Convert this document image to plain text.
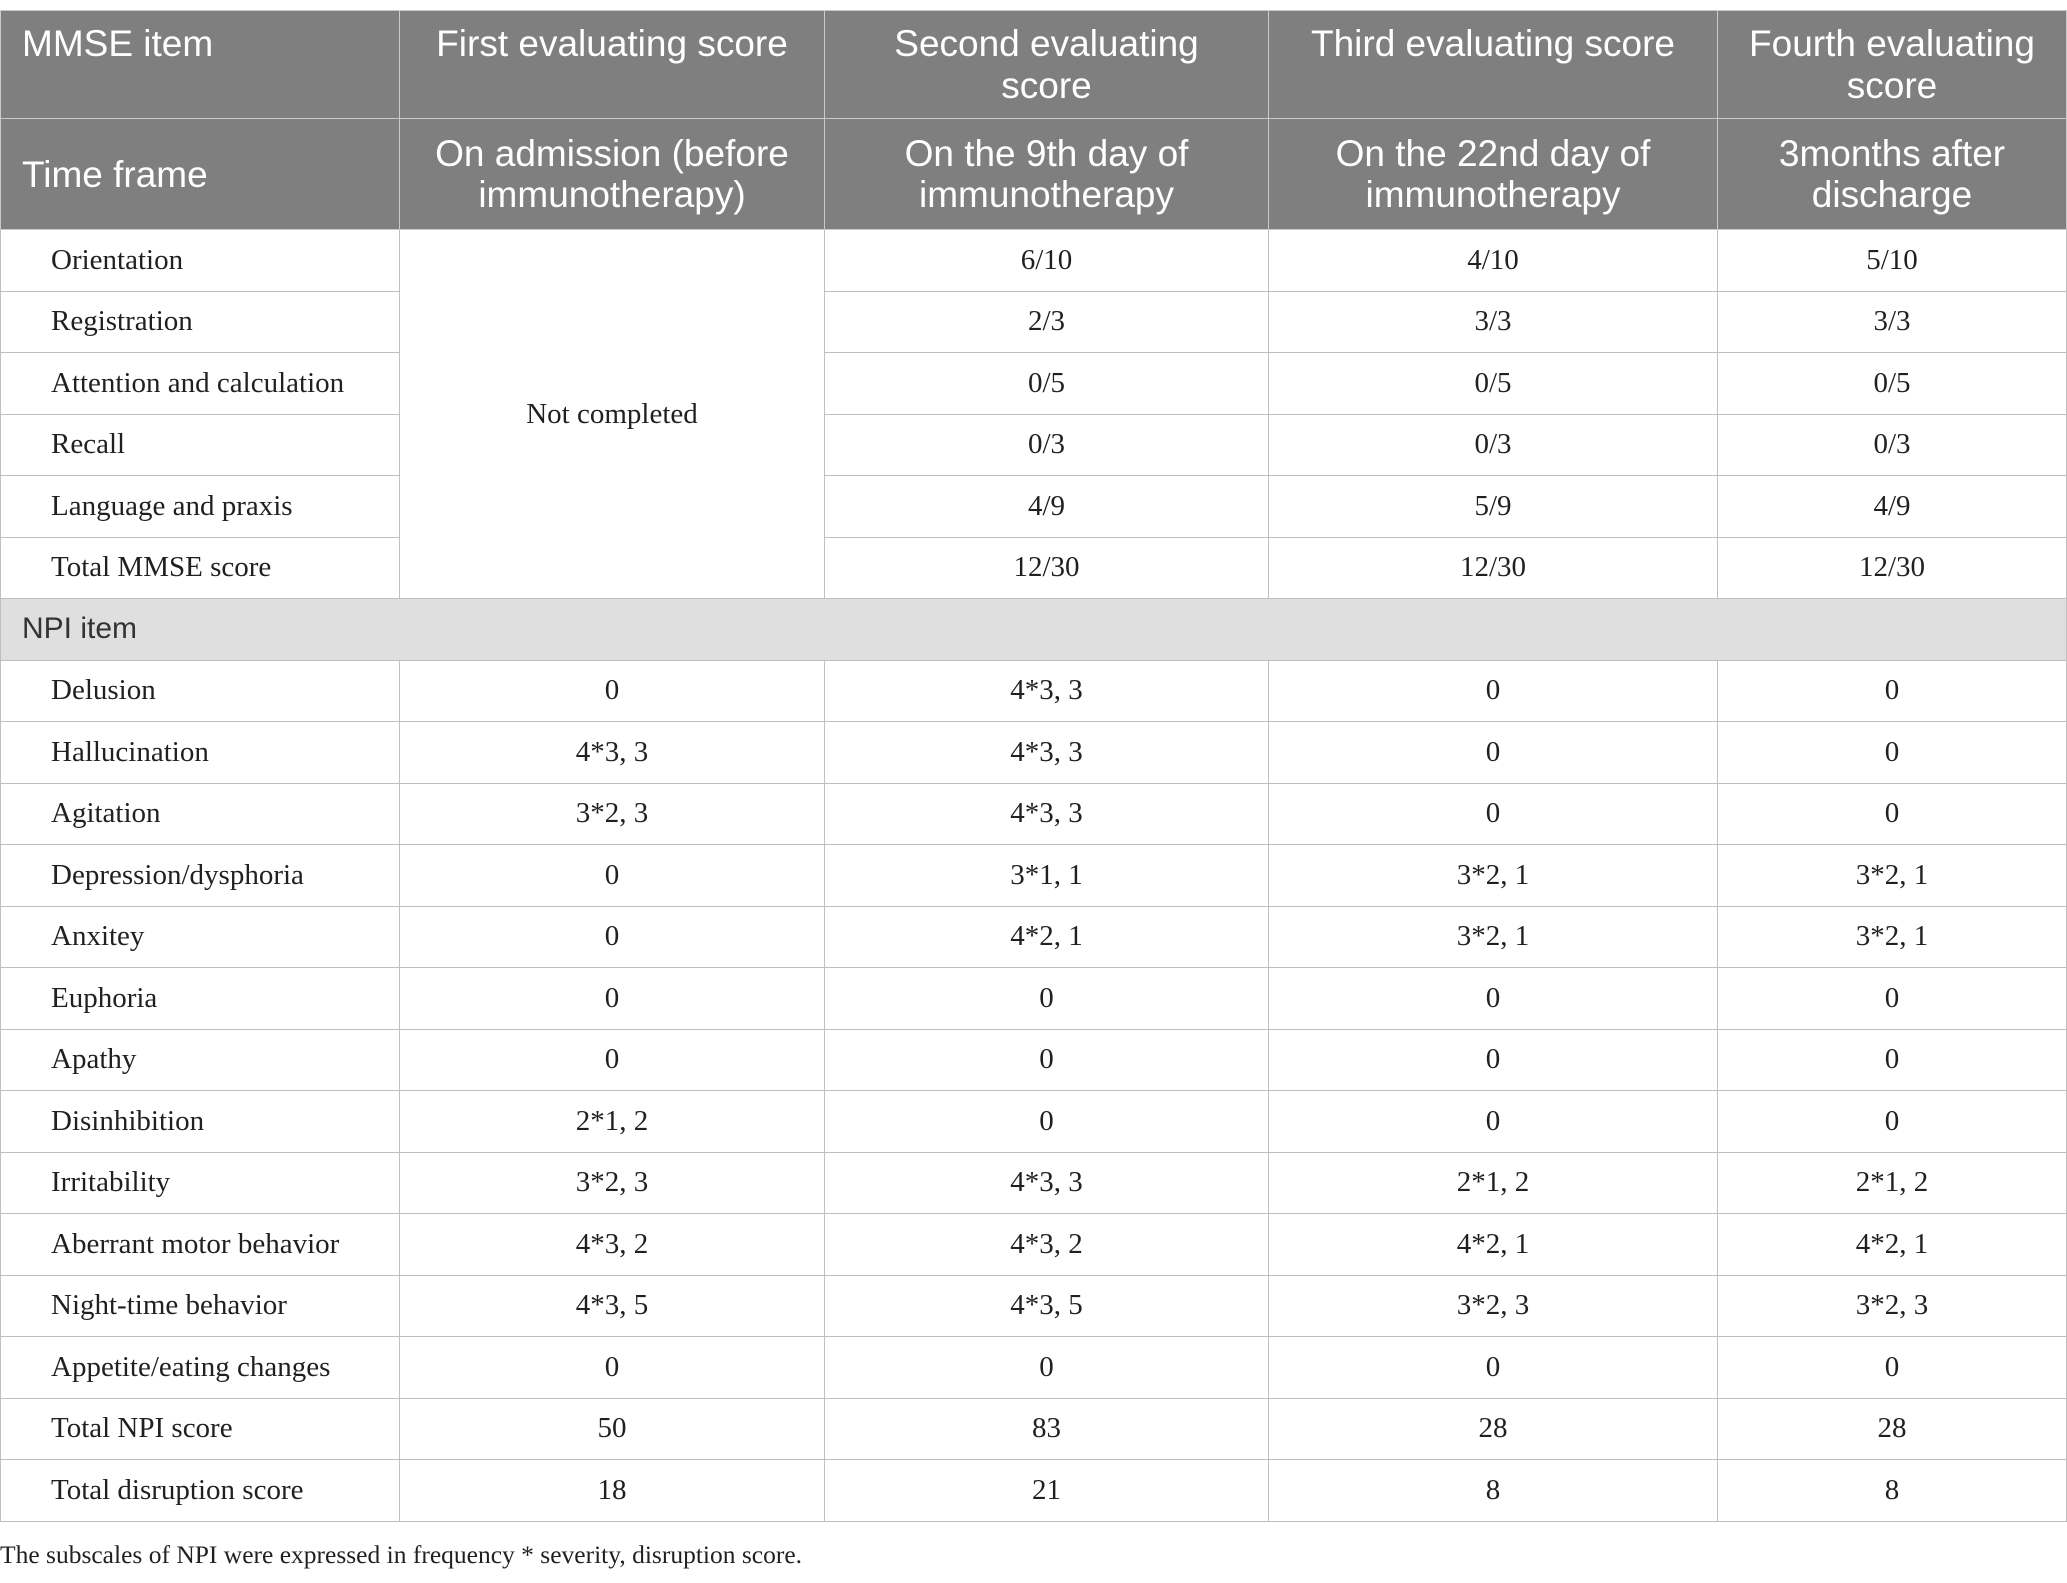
MMSE item	First evaluating score	Second evaluating score	Third evaluating score	Fourth evaluating score
Time frame	On admission (before immunotherapy)	On the 9th day of immunotherapy	On the 22nd day of immunotherapy	3months after discharge
Orientation	Not completed	6/10	4/10	5/10
Registration		2/3	3/3	3/3
Attention and calculation		0/5	0/5	0/5
Recall		0/3	0/3	0/3
Language and praxis		4/9	5/9	4/9
Total MMSE score		12/30	12/30	12/30
NPI item				
Delusion	0	4*3, 3	0	0
Hallucination	4*3, 3	4*3, 3	0	0
Agitation	3*2, 3	4*3, 3	0	0
Depression/dysphoria	0	3*1, 1	3*2, 1	3*2, 1
Anxitey	0	4*2, 1	3*2, 1	3*2, 1
Euphoria	0	0	0	0
Apathy	0	0	0	0
Disinhibition	2*1, 2	0	0	0
Irritability	3*2, 3	4*3, 3	2*1, 2	2*1, 2
Aberrant motor behavior	4*3, 2	4*3, 2	4*2, 1	4*2, 1
Night-time behavior	4*3, 5	4*3, 5	3*2, 3	3*2, 3
Appetite/eating changes	0	0	0	0
Total NPI score	50	83	28	28
Total disruption score	18	21	8	8
The subscales of NPI were expressed in frequency * severity, disruption score.
